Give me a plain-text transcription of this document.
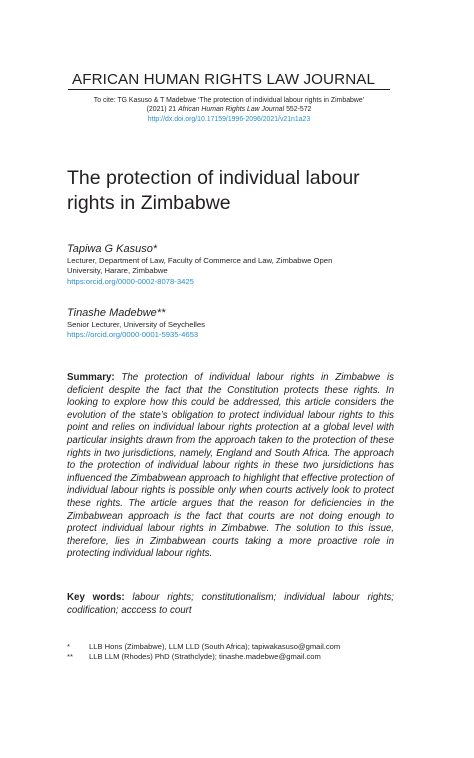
AFRICAN HUMAN RIGHTS LAW JOURNAL
To cite: TG Kasuso & T Madebwe ‘The protection of individual labour rights in Zimbabwe’
(2021) 21 African Human Rights Law Journal 552-572
http://dx.doi.org/10.17159/1996-2096/2021/v21n1a23
The protection of individual labour rights in Zimbabwe
Tapiwa G Kasuso*
Lecturer, Department of Law, Faculty of Commerce and Law, Zimbabwe Open
University, Harare, Zimbabwe
https:orcid.org/0000-0002-8078-3425
Tinashe Madebwe**
Senior Lecturer, University of Seychelles
https://orcid.org/0000-0001-5935-4653
Summary: The protection of individual labour rights in Zimbabwe is deficient despite the fact that the Constitution protects these rights. In looking to explore how this could be addressed, this article considers the evolution of the state’s obligation to protect individual labour rights to this point and relies on individual labour rights protection at a global level with particular insights drawn from the approach taken to the protection of these rights in two jurisdictions, namely, England and South Africa. The approach to the protection of individual labour rights in these two jursidictions has influenced the Zimbabwean approach to highlight that effective protection of individual labour rights is possible only when courts actively look to protect these rights. The article argues that the reason for deficiencies in the Zimbabwean approach is the fact that courts are not doing enough to protect individual labour rights in Zimbabwe. The solution to this issue, therefore, lies in Zimbabwean courts taking a more proactive role in protecting individual labour rights.
Key words: labour rights; constitutionalism; individual labour rights; codification; acccess to court
*	LLB Hons (Zimbabwe), LLM LLD (South Africa); tapiwakasuso@gmail.com
**	LLB LLM (Rhodes) PhD (Strathclyde); tinashe.madebwe@gmail.com
